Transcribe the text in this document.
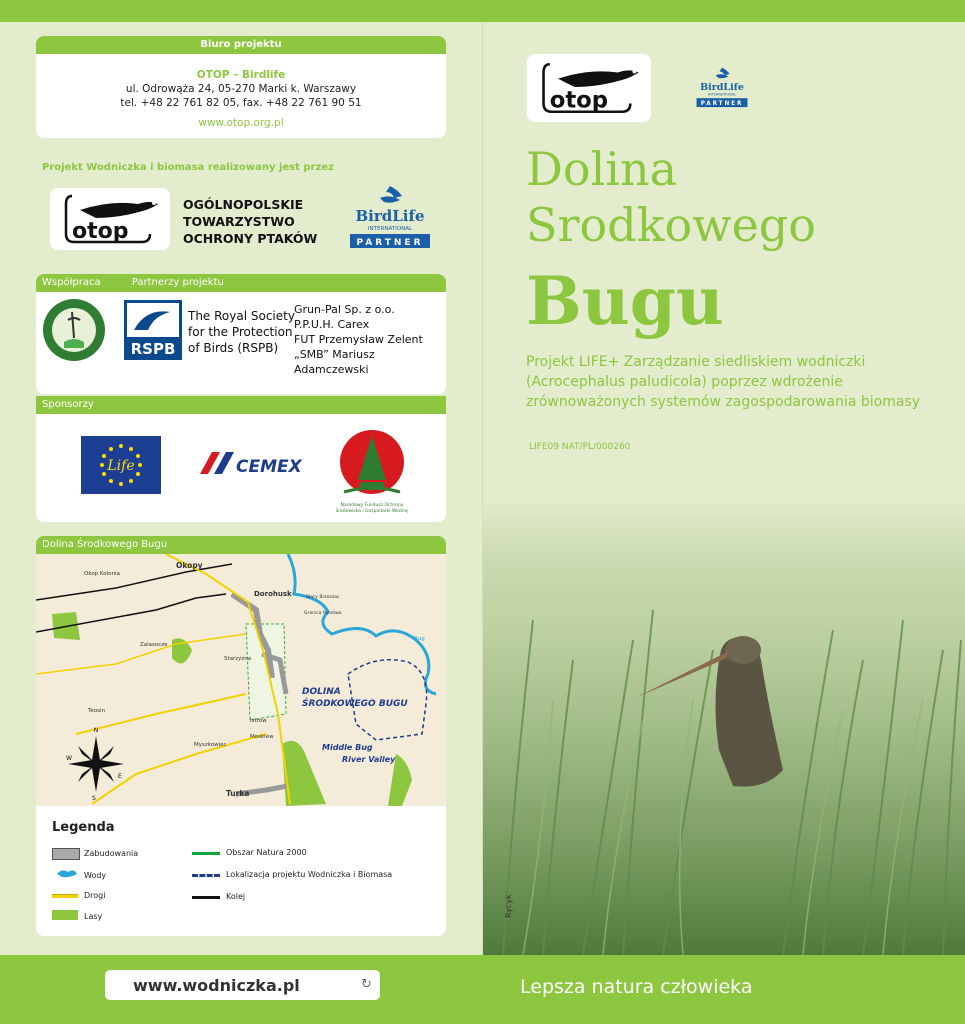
Biuro projektu
OTOP – Birdlife
ul. Odrowąża 24, 05-270 Marki k. Warszawy
tel. +48 22 761 82 05, fax. +48 22 761 90 51
www.otop.org.pl
Projekt Wodniczka i biomasa realizowany jest przez
otop
OGÓLNOPOLSKIE
TOWARZYSTWO
OCHRONY PTAKÓW
BirdLife
INTERNATIONAL
PARTNER
Współpraca	Partnerzy projektu
RSPB
The Royal Society
for the Protection
of Birds (RSPB)
Grun-Pal Sp. z o.o.
P.P.U.H. Carex
FUT Przemysław Zelent
„SMB” Mariusz Adamczewski
Sponsorzy
Life	CEMEX
Narodowy Fundusz Ochrony
Środowiska i Gospodarki Wodnej
Dolina Środkowego Bugu
Okopy
Okop Kolonia
Dorohusk
Zalasocze
Starzyzna
Teosin
Istrów
Myszkowiec
Moskiew
Turka
Bug
Stary Brzeszac
Granica Państwa
DOLINA
ŚRODKOWEGO BUGU
Middle Bug
River Valley
N
E
S
W
Legenda
Zabudowania
Wody
Drogi
Lasy
Obszar Natura 2000
Lokalizacja projektu Wodniczka i Biomasa
Kolej
otop
BirdLife
INTERNATIONAL
PARTNER
Dolina
Srodkowego
Bugu
Projekt LIFE+ Zarządzanie siedliskiem wodniczki (Acrocephalus paludicola) poprzez wdrożenie zrównoważonych systemów zagospodarowania biomasy
LIFE09 NAT/PL/000260
Rycyk
www.wodniczka.pl	↻	Lepsza natura człowieka
